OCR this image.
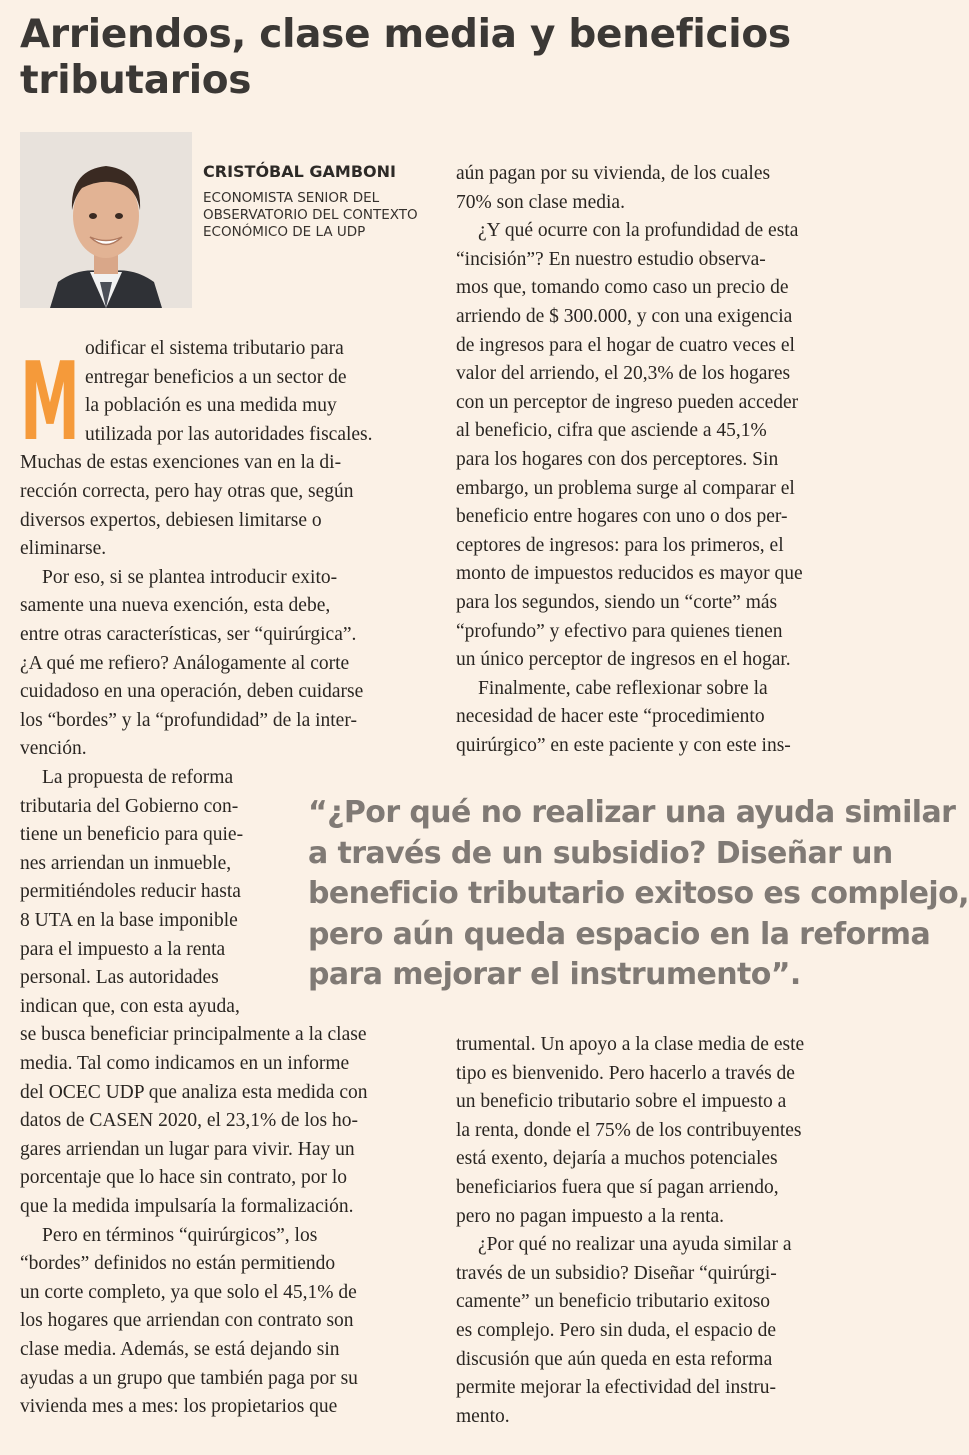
Arriendos, clase media y beneficios tributarios
CRISTÓBAL GAMBONI
ECONOMISTA SENIOR DEL OBSERVATORIO DEL CONTEXTO ECONÓMICO DE LA UDP
M odificar el sistema tributario para
entregar beneficios a un sector de
la población es una medida muy
utilizada por las autoridades fiscales.
Muchas de estas exenciones van en la di-
rección correcta, pero hay otras que, según
diversos expertos, debiesen limitarse o
eliminarse.
Por eso, si se plantea introducir exito-
samente una nueva exención, esta debe,
entre otras características, ser “quirúrgica”.
¿A qué me refiero? Análogamente al corte
cuidadoso en una operación, deben cuidarse
los “bordes” y la “profundidad” de la inter-
vención.
La propuesta de reforma
tributaria del Gobierno con-
tiene un beneficio para quie-
nes arriendan un inmueble,
permitiéndoles reducir hasta
8 UTA en la base imponible
para el impuesto a la renta
personal. Las autoridades
indican que, con esta ayuda,
se busca beneficiar principalmente a la clase
media. Tal como indicamos en un informe
del OCEC UDP que analiza esta medida con
datos de CASEN 2020, el 23,1% de los ho-
gares arriendan un lugar para vivir. Hay un
porcentaje que lo hace sin contrato, por lo
que la medida impulsaría la formalización.
Pero en términos “quirúrgicos”, los
“bordes” definidos no están permitiendo
un corte completo, ya que solo el 45,1% de
los hogares que arriendan con contrato son
clase media. Además, se está dejando sin
ayudas a un grupo que también paga por su
vivienda mes a mes: los propietarios que
aún pagan por su vivienda, de los cuales
70% son clase media.
¿Y qué ocurre con la profundidad de esta
“incisión”? En nuestro estudio observa-
mos que, tomando como caso un precio de
arriendo de $ 300.000, y con una exigencia
de ingresos para el hogar de cuatro veces el
valor del arriendo, el 20,3% de los hogares
con un perceptor de ingreso pueden acceder
al beneficio, cifra que asciende a 45,1%
para los hogares con dos perceptores. Sin
embargo, un problema surge al comparar el
beneficio entre hogares con uno o dos per-
ceptores de ingresos: para los primeros, el
monto de impuestos reducidos es mayor que
para los segundos, siendo un “corte” más
“profundo” y efectivo para quienes tienen
un único perceptor de ingresos en el hogar.
Finalmente, cabe reflexionar sobre la
necesidad de hacer este “procedimiento
quirúrgico” en este paciente y con este ins-
trumental. Un apoyo a la clase media de este
tipo es bienvenido. Pero hacerlo a través de
un beneficio tributario sobre el impuesto a
la renta, donde el 75% de los contribuyentes
está exento, dejaría a muchos potenciales
beneficiarios fuera que sí pagan arriendo,
pero no pagan impuesto a la renta.
¿Por qué no realizar una ayuda similar a
través de un subsidio? Diseñar “quirúrgi-
camente” un beneficio tributario exitoso
es complejo. Pero sin duda, el espacio de
discusión que aún queda en esta reforma
permite mejorar la efectividad del instru-
mento.
“¿Por qué no realizar una ayuda similar
a través de un subsidio? Diseñar un
beneficio tributario exitoso es complejo,
pero aún queda espacio en la reforma
para mejorar el instrumento”.
